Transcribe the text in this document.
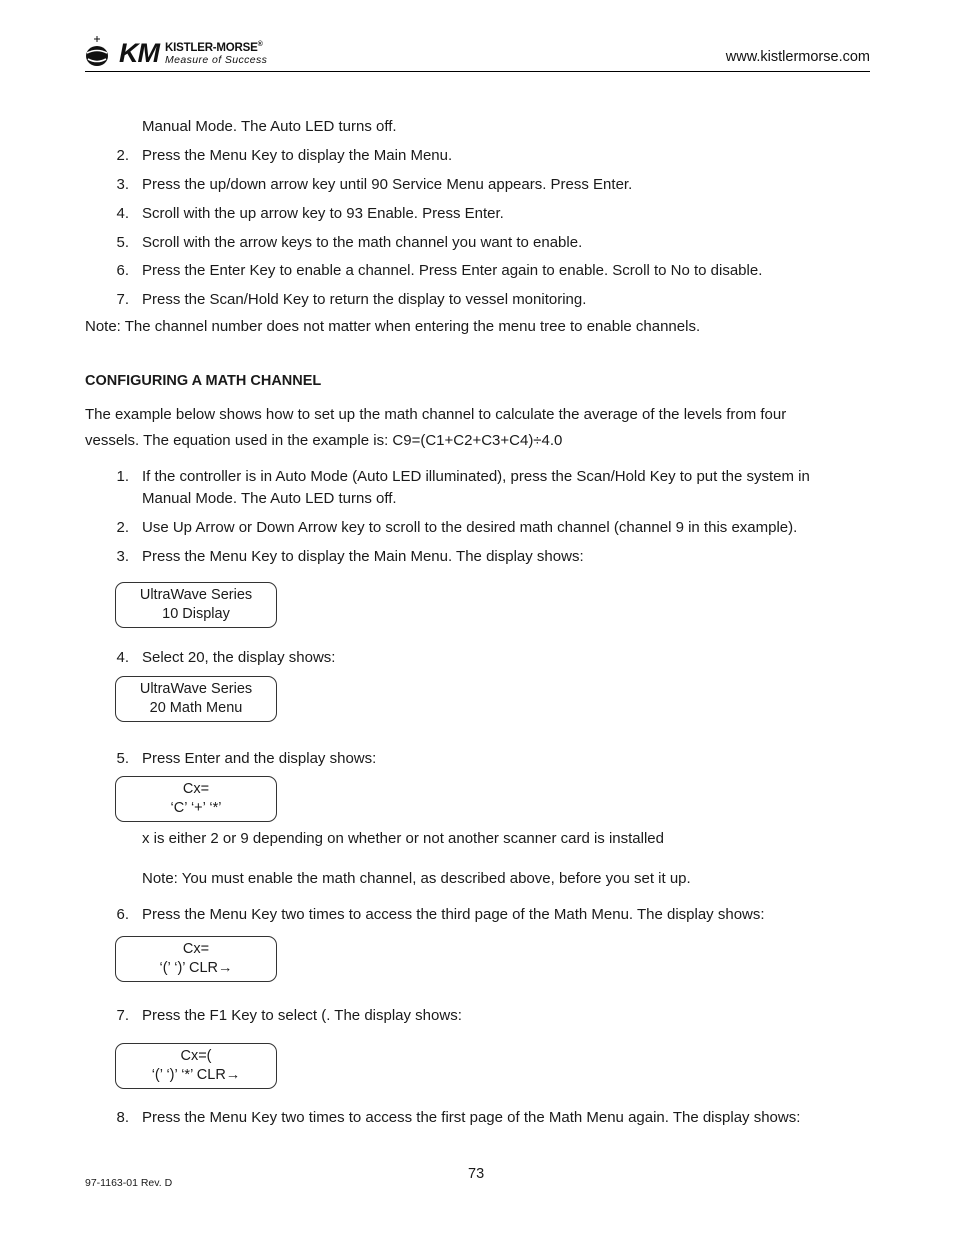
KM KISTLER-MORSE®
Measure of Success	www.kistlermorse.com
Manual Mode. The Auto LED turns off.
2. Press the Menu Key to display the Main Menu.
3. Press the up/down arrow key until 90 Service Menu appears. Press Enter.
4. Scroll with the up arrow key to 93 Enable. Press Enter.
5. Scroll with the arrow keys to the math channel you want to enable.
6. Press the Enter Key to enable a channel. Press Enter again to enable. Scroll to No to disable.
7. Press the Scan/Hold Key to return the display to vessel monitoring.
Note: The channel number does not matter when entering the menu tree to enable channels.
CONFIGURING A MATH CHANNEL
The example below shows how to set up the math channel to calculate the average of the levels from four
vessels. The equation used in the example is: C9=(C1+C2+C3+C4)÷4.0
1. If the controller is in Auto Mode (Auto LED illuminated), press the Scan/Hold Key to put the system in
Manual Mode. The Auto LED turns off.
2. Use Up Arrow or Down Arrow key to scroll to the desired math channel (channel 9 in this example).
3. Press the Menu Key to display the Main Menu. The display shows:
UltraWave Series
10 Display
4. Select 20, the display shows:
UltraWave Series
20 Math Menu
5. Press Enter and the display shows:
Cx=
‘C’ ‘+’ ‘*’
x is either 2 or 9 depending on whether or not another scanner card is installed
Note: You must enable the math channel, as described above, before you set it up.
6. Press the Menu Key two times to access the third page of the Math Menu. The display shows:
Cx=
‘(’ ‘)’ CLR→
7. Press the F1 Key to select (. The display shows:
Cx=(
‘(’ ‘)’ ‘*’ CLR→
8. Press the Menu Key two times to access the first page of the Math Menu again. The display shows:
73
97-1163-01 Rev. D
